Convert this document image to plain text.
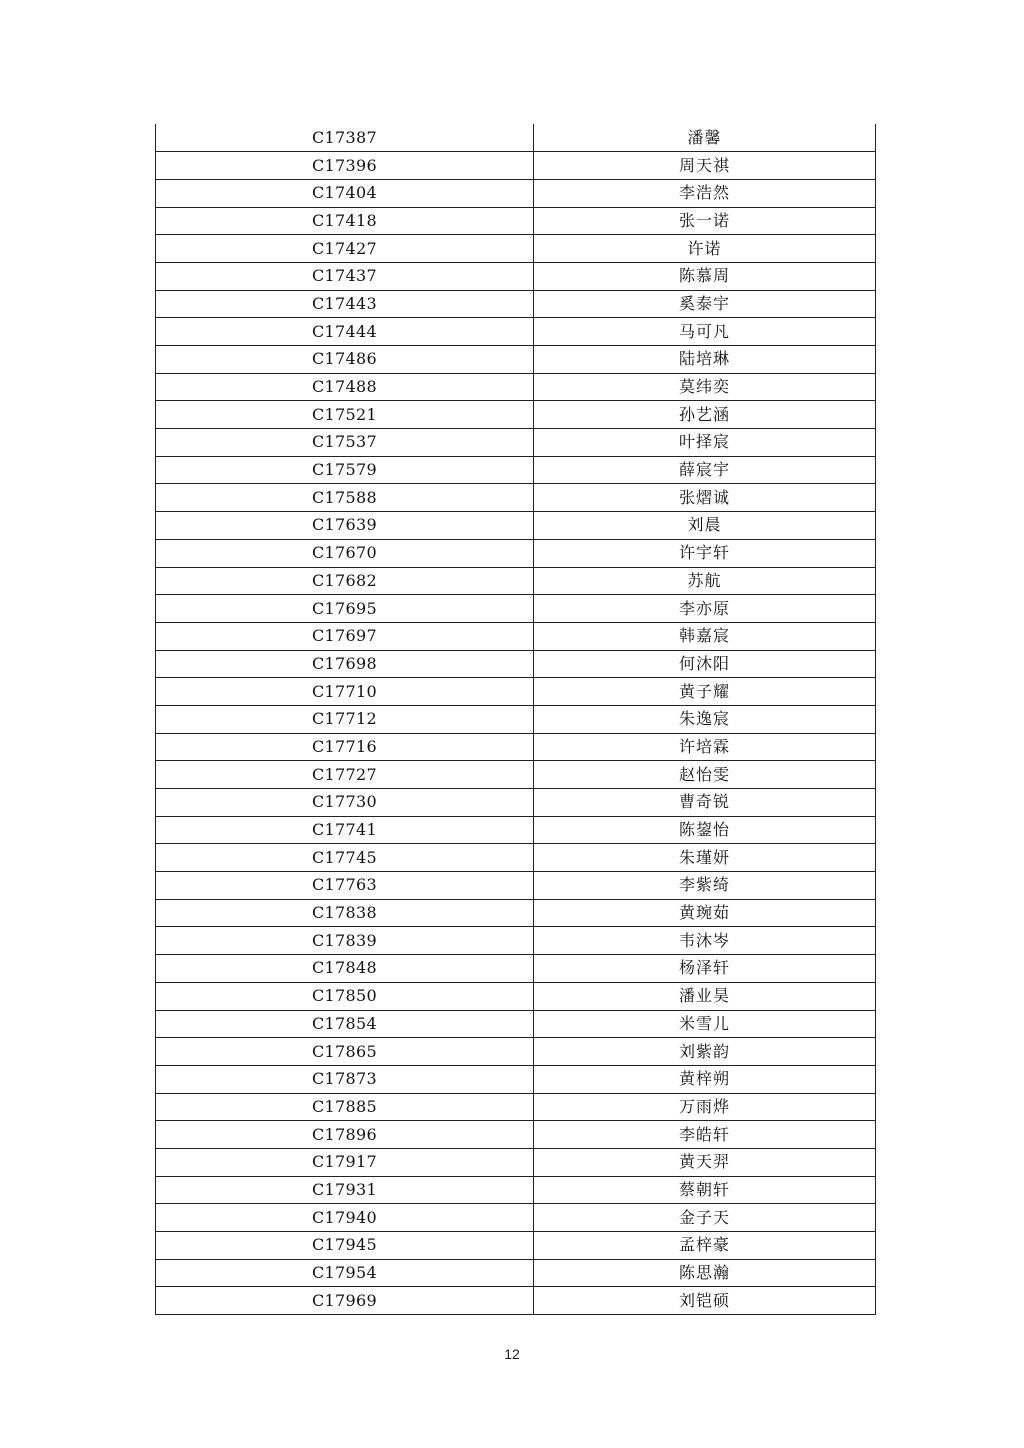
C17387	潘馨
C17396	周天祺
C17404	李浩然
C17418	张一诺
C17427	许诺
C17437	陈慕周
C17443	奚泰宇
C17444	马可凡
C17486	陆培琳
C17488	莫纬奕
C17521	孙艺涵
C17537	叶择宸
C17579	薛宸宇
C17588	张熠诚
C17639	刘晨
C17670	许宇轩
C17682	苏航
C17695	李亦原
C17697	韩嘉宸
C17698	何沐阳
C17710	黄子耀
C17712	朱逸宸
C17716	许培霖
C17727	赵怡雯
C17730	曹奇锐
C17741	陈鋆怡
C17745	朱瑾妍
C17763	李紫绮
C17838	黄琬茹
C17839	韦沐岑
C17848	杨泽轩
C17850	潘业昊
C17854	米雪儿
C17865	刘紫韵
C17873	黄梓朔
C17885	万雨烨
C17896	李皓轩
C17917	黄天羿
C17931	蔡朝轩
C17940	金子天
C17945	孟梓豪
C17954	陈思瀚
C17969	刘铠硕
12
